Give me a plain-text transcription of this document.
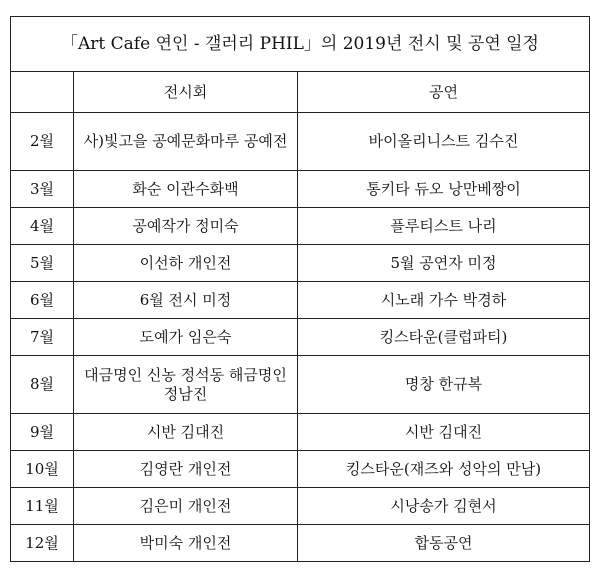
「Art Cafe 연인 - 갤러리 PHIL」의 2019년 전시 및 공연 일정		
	전시회	공연
2월	사)빛고을 공예문화마루 공예전	바이올리니스트 김수진
3월	화순 이관수화백	통키타 듀오 낭만베짱이
4월	공예작가 정미숙	플루티스트 나리
5월	이선하 개인전	5월 공연자 미정
6월	6월 전시 미정	시노래 가수 박경하
7월	도예가 임은숙	킹스타운(클럽파티)
8월	대금명인 신농 정석동 해금명인 정남진	명창 한규복
9월	시반 김대진	시반 김대진
10월	김영란 개인전	킹스타운(재즈와 성악의 만남)
11월	김은미 개인전	시낭송가 김현서
12월	박미숙 개인전	합동공연
